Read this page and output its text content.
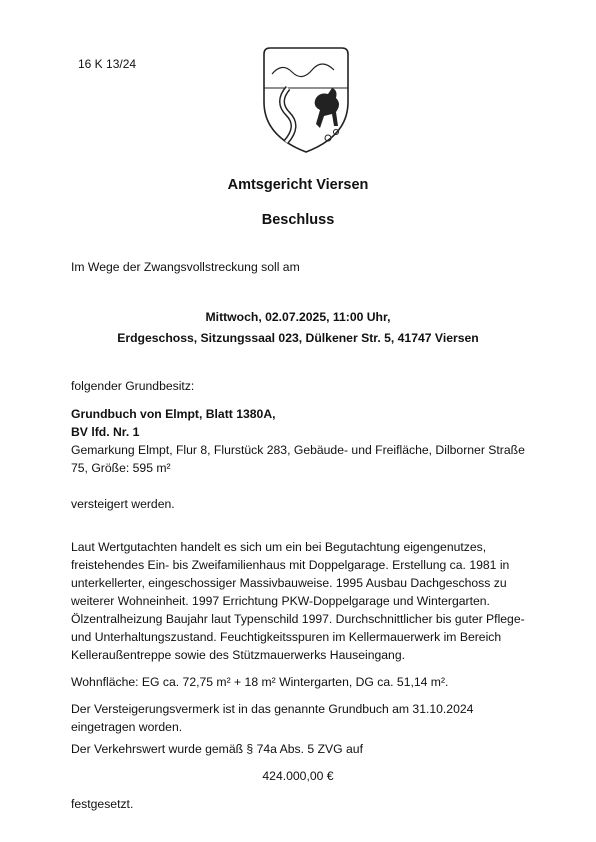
16 K 13/24
Amtsgericht Viersen
Beschluss
Im Wege der Zwangsvollstreckung soll am
Mittwoch, 02.07.2025, 11:00 Uhr,
Erdgeschoss, Sitzungssaal 023, Dülkener Str. 5, 41747 Viersen
folgender Grundbesitz:
Grundbuch von Elmpt, Blatt 1380A,
BV lfd. Nr. 1
Gemarkung Elmpt, Flur 8, Flurstück 283, Gebäude- und Freifläche, Dilborner Straße 75, Größe: 595 m²
versteigert werden.
Laut Wertgutachten handelt es sich um ein bei Begutachtung eigengenutzes, freistehendes Ein- bis Zweifamilienhaus mit Doppelgarage. Erstellung ca. 1981 in unterkellerter, eingeschossiger Massivbauweise. 1995 Ausbau Dachgeschoss zu weiterer Wohneinheit. 1997 Errichtung PKW-Doppelgarage und Wintergarten. Ölzentralheizung Baujahr laut Typenschild 1997. Durchschnittlicher bis guter Pflege- und Unterhaltungszustand. Feuchtigkeitsspuren im Kellermauerwerk im Bereich Kelleraußentreppe sowie des Stützmauerwerks Hauseingang.
Wohnfläche: EG ca. 72,75 m² + 18 m² Wintergarten, DG ca. 51,14 m².
Der Versteigerungsvermerk ist in das genannte Grundbuch am 31.10.2024 eingetragen worden.
Der Verkehrswert wurde gemäß § 74a Abs. 5 ZVG auf
424.000,00 €
festgesetzt.
